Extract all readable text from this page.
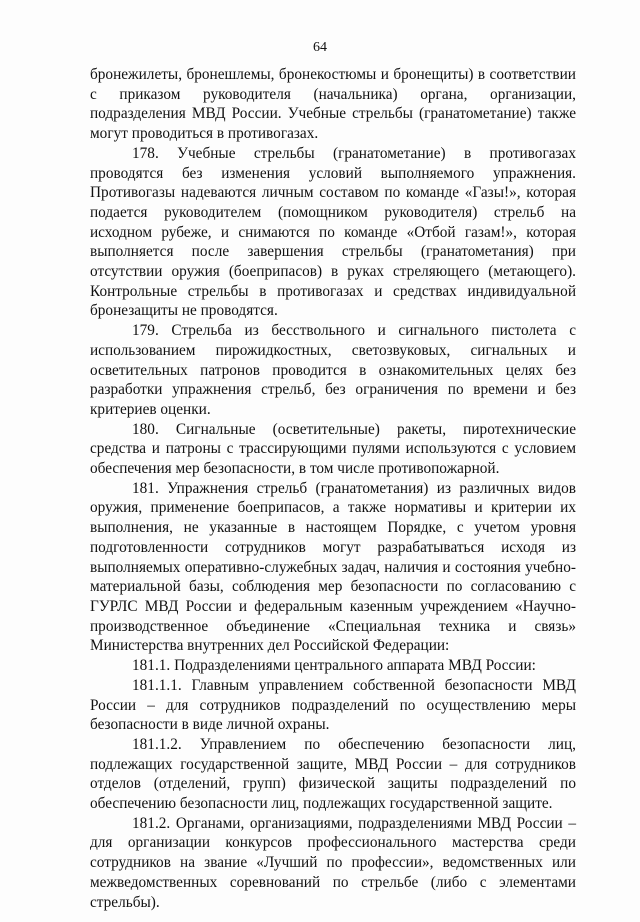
64

бронежилеты, бронешлемы, бронекостюмы и бронещиты) в соответствии с приказом руководителя (начальника) органа, организации, подразделения МВД России. Учебные стрельбы (гранатометание) также могут проводиться в противогазах.

178. Учебные стрельбы (гранатометание) в противогазах проводятся без изменения условий выполняемого упражнения. Противогазы надеваются личным составом по команде «Газы!», которая подается руководителем (помощником руководителя) стрельб на исходном рубеже, и снимаются по команде «Отбой газам!», которая выполняется после завершения стрельбы (гранатометания) при отсутствии оружия (боеприпасов) в руках стреляющего (метающего). Контрольные стрельбы в противогазах и средствах индивидуальной бронезащиты не проводятся.

179. Стрельба из бесствольного и сигнального пистолета с использованием пирожидкостных, светозвуковых, сигнальных и осветительных патронов проводится в ознакомительных целях без разработки упражнения стрельб, без ограничения по времени и без критериев оценки.

180. Сигнальные (осветительные) ракеты, пиротехнические средства и патроны с трассирующими пулями используются с условием обеспечения мер безопасности, в том числе противопожарной.

181. Упражнения стрельб (гранатометания) из различных видов оружия, применение боеприпасов, а также нормативы и критерии их выполнения, не указанные в настоящем Порядке, с учетом уровня подготовленности сотрудников могут разрабатываться исходя из выполняемых оперативно-служебных задач, наличия и состояния учебно-материальной базы, соблюдения мер безопасности по согласованию с ГУРЛС МВД России и федеральным казенным учреждением «Научно-производственное объединение «Специальная техника и связь» Министерства внутренних дел Российской Федерации:

181.1. Подразделениями центрального аппарата МВД России:

181.1.1. Главным управлением собственной безопасности МВД России – для сотрудников подразделений по осуществлению меры безопасности в виде личной охраны.

181.1.2. Управлением по обеспечению безопасности лиц, подлежащих государственной защите, МВД России – для сотрудников отделов (отделений, групп) физической защиты подразделений по обеспечению безопасности лиц, подлежащих государственной защите.

181.2. Органами, организациями, подразделениями МВД России – для организации конкурсов профессионального мастерства среди сотрудников на звание «Лучший по профессии», ведомственных или межведомственных соревнований по стрельбе (либо с элементами стрельбы).
